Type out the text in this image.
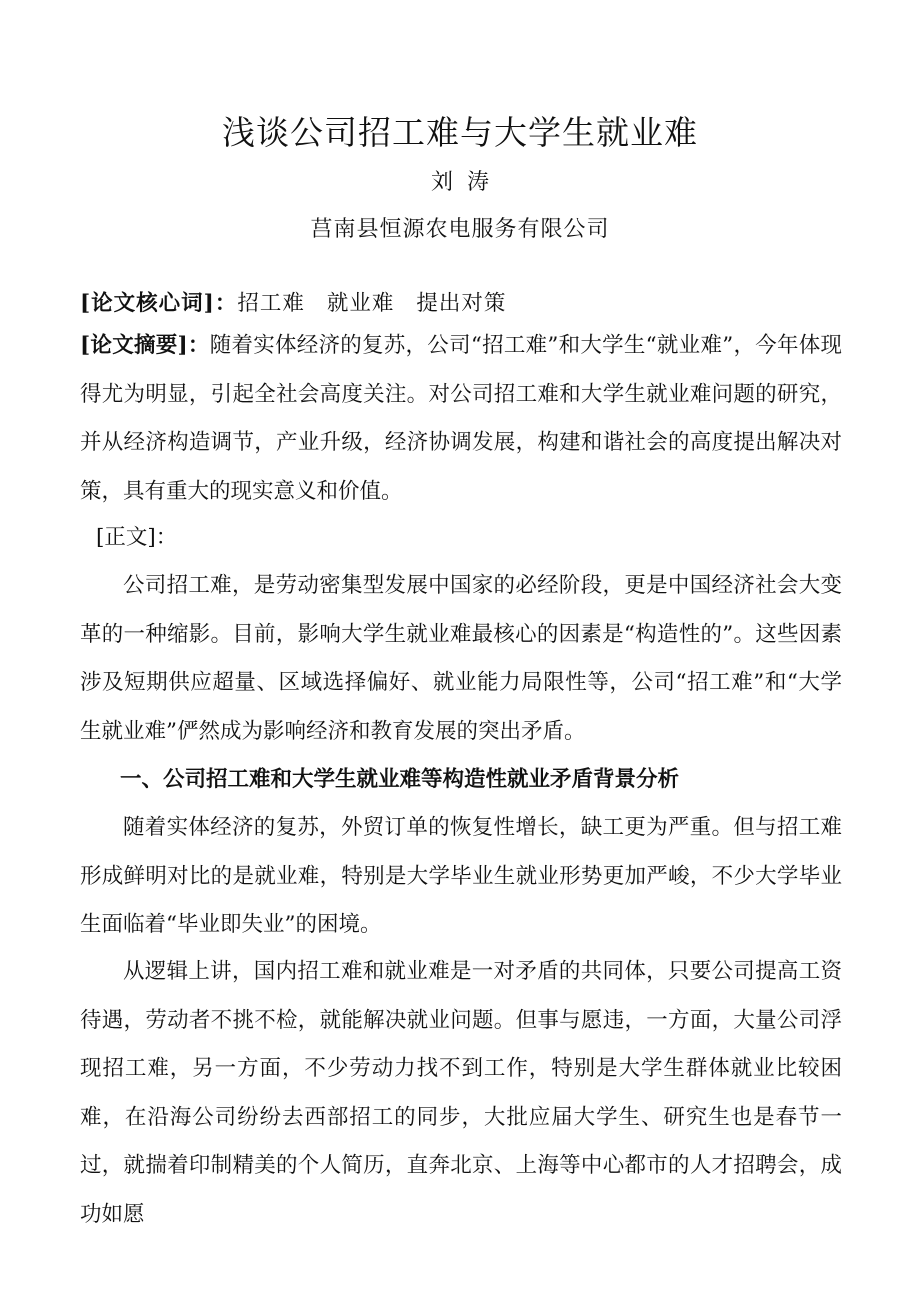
浅谈公司招工难与大学生就业难
刘涛
莒南县恒源农电服务有限公司

[论文核心词]：招工难 就业难 提出对策

[论文摘要]：随着实体经济的复苏，公司“招工难”和大学生“就业难”，今年体现得尤为明显，引起全社会高度关注。对公司招工难和大学生就业难问题的研究，并从经济构造调节，产业升级，经济协调发展，构建和谐社会的高度提出解决对策，具有重大的现实意义和价值。

[正文]：

公司招工难，是劳动密集型发展中国家的必经阶段，更是中国经济社会大变革的一种缩影。目前，影响大学生就业难最核心的因素是“构造性的”。这些因素涉及短期供应超量、区域选择偏好、就业能力局限性等，公司“招工难”和“大学生就业难”俨然成为影响经济和教育发展的突出矛盾。

一、公司招工难和大学生就业难等构造性就业矛盾背景分析

随着实体经济的复苏，外贸订单的恢复性增长，缺工更为严重。但与招工难形成鲜明对比的是就业难，特别是大学毕业生就业形势更加严峻，不少大学毕业生面临着“毕业即失业”的困境。

从逻辑上讲，国内招工难和就业难是一对矛盾的共同体，只要公司提高工资待遇，劳动者不挑不检，就能解决就业问题。但事与愿违，一方面，大量公司浮现招工难，另一方面，不少劳动力找不到工作，特别是大学生群体就业比较困难，在沿海公司纷纷去西部招工的同步，大批应届大学生、研究生也是春节一过，就揣着印制精美的个人简历，直奔北京、上海等中心都市的人才招聘会，成功如愿
